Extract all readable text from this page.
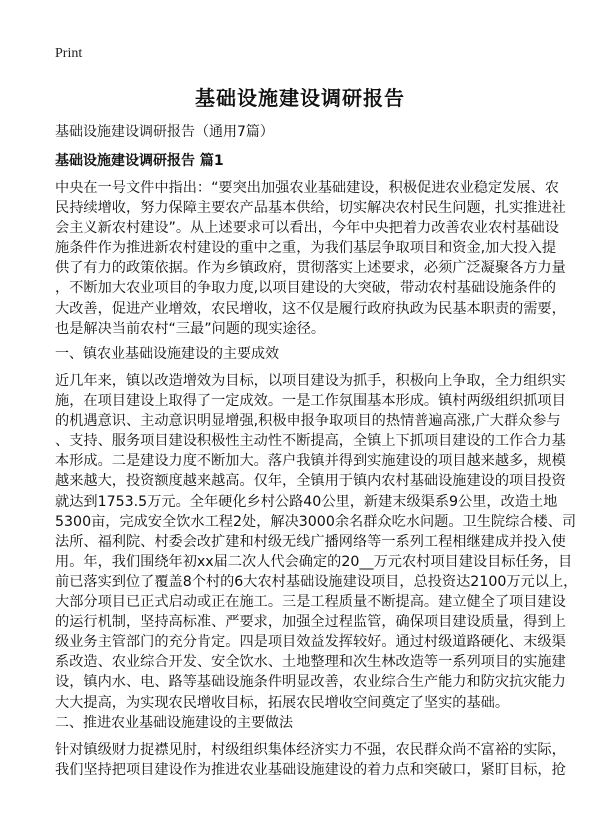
Print
基础设施建设调研报告
基础设施建设调研报告（通用7篇）
基础设施建设调研报告 篇1
中央在一号文件中指出：“要突出加强农业基础建设，积极促进农业稳定发展、农
民持续增收，努力保障主要农产品基本供给，切实解决农村民生问题，扎实推进社
会主义新农村建设”。从上述要求可以看出，今年中央把着力改善农业农村基础设
施条件作为推进新农村建设的重中之重，为我们基层争取项目和资金,加大投入提
供了有力的政策依据。作为乡镇政府，贯彻落实上述要求，必须广泛凝聚各方力量
，不断加大农业项目的争取力度,以项目建设的大突破，带动农村基础设施条件的
大改善，促进产业增效，农民增收，这不仅是履行政府执政为民基本职责的需要，
也是解决当前农村“三最”问题的现实途径。
一、镇农业基础设施建设的主要成效
近几年来，镇以改造增效为目标，以项目建设为抓手，积极向上争取，全力组织实
施，在项目建设上取得了一定成效。一是工作氛围基本形成。镇村两级组织抓项目
的机遇意识、主动意识明显增强,积极申报争取项目的热情普遍高涨,广大群众参与
、支持、服务项目建设积极性主动性不断提高，全镇上下抓项目建设的工作合力基
本形成。二是建设力度不断加大。落户我镇并得到实施建设的项目越来越多，规模
越来越大，投资额度越来越高。仅年，全镇用于镇内农村基础设施建设的项目投资
就达到1753.5万元。全年硬化乡村公路40公里，新建末级渠系9公里，改造土地
5300亩，完成安全饮水工程2处，解决3000余名群众吃水问题。卫生院综合楼、司
法所、福利院、村委会改扩建和村级无线广播网络等一系列工程相继建成并投入使
用。年，我们围绕年初xx届二次人代会确定的20__万元农村项目建设目标任务，目
前已落实到位了覆盖8个村的6大农村基础设施建设项目，总投资达2100万元以上，
大部分项目已正式启动或正在施工。三是工程质量不断提高。建立健全了项目建设
的运行机制，坚持高标准、严要求，加强全过程监管，确保项目建设质量，得到上
级业务主管部门的充分肯定。四是项目效益发挥较好。通过村级道路硬化、末级渠
系改造、农业综合开发、安全饮水、土地整理和次生林改造等一系列项目的实施建
设，镇内水、电、路等基础设施条件明显改善，农业综合生产能力和防灾抗灾能力
大大提高，为实现农民增收目标，拓展农民增收空间奠定了坚实的基础。
二、推进农业基础设施建设的主要做法
针对镇级财力捉襟见肘，村级组织集体经济实力不强，农民群众尚不富裕的实际，
我们坚持把项目建设作为推进农业基础设施建设的着力点和突破口，紧盯目标，抢
